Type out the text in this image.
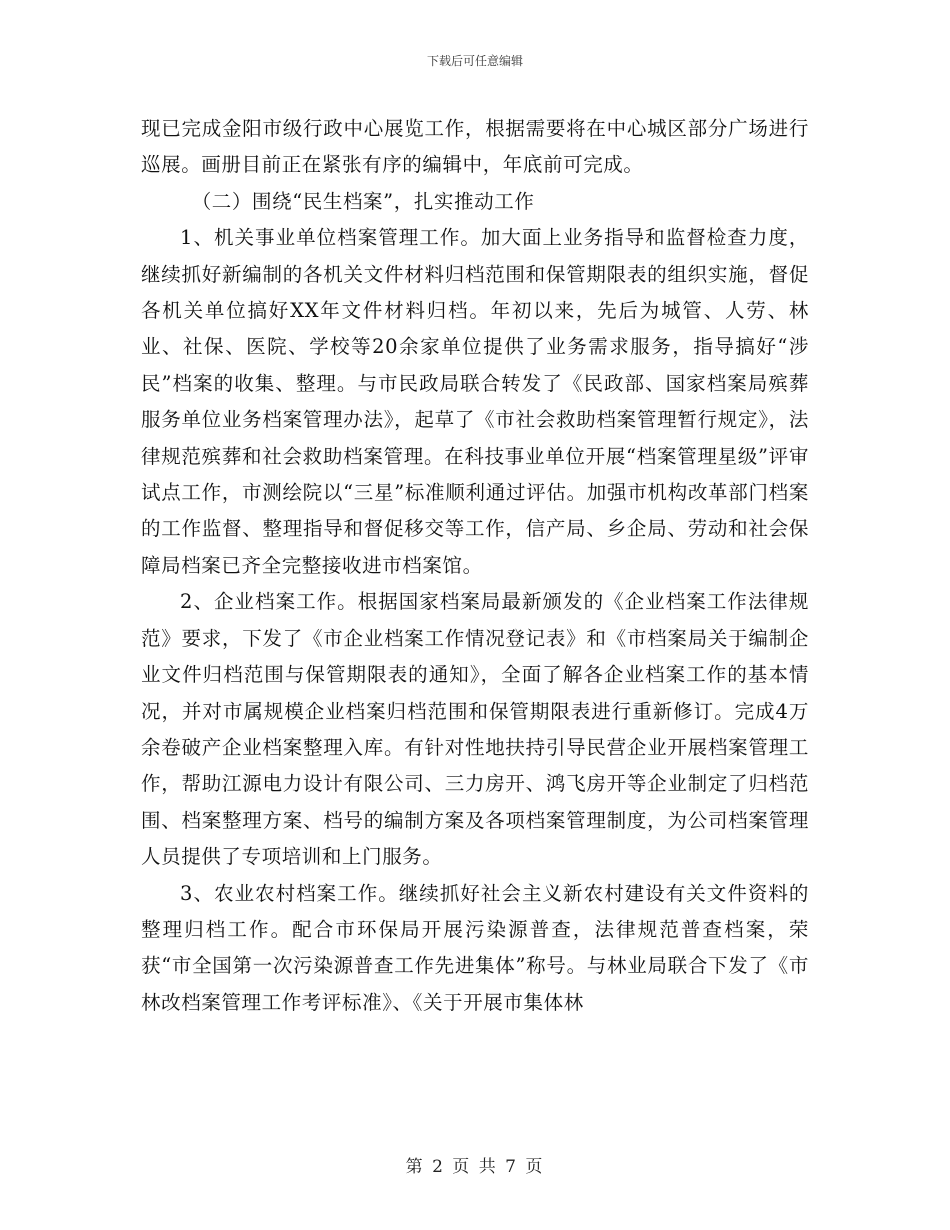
下载后可任意编辑

现已完成金阳市级行政中心展览工作，根据需要将在中心城区部分广场进行巡展。画册目前正在紧张有序的编辑中，年底前可完成。

（二）围绕“民生档案”，扎实推动工作

1、机关事业单位档案管理工作。加大面上业务指导和监督检查力度，继续抓好新编制的各机关文件材料归档范围和保管期限表的组织实施，督促各机关单位搞好XX年文件材料归档。年初以来，先后为城管、人劳、林业、社保、医院、学校等20余家单位提供了业务需求服务，指导搞好“涉民”档案的收集、整理。与市民政局联合转发了《民政部、国家档案局殡葬服务单位业务档案管理办法》，起草了《市社会救助档案管理暂行规定》，法律规范殡葬和社会救助档案管理。在科技事业单位开展“档案管理星级”评审试点工作，市测绘院以“三星”标准顺利通过评估。加强市机构改革部门档案的工作监督、整理指导和督促移交等工作，信产局、乡企局、劳动和社会保障局档案已齐全完整接收进市档案馆。

2、企业档案工作。根据国家档案局最新颁发的《企业档案工作法律规范》要求，下发了《市企业档案工作情况登记表》和《市档案局关于编制企业文件归档范围与保管期限表的通知》，全面了解各企业档案工作的基本情况，并对市属规模企业档案归档范围和保管期限表进行重新修订。完成4万余卷破产企业档案整理入库。有针对性地扶持引导民营企业开展档案管理工作，帮助江源电力设计有限公司、三力房开、鸿飞房开等企业制定了归档范围、档案整理方案、档号的编制方案及各项档案管理制度，为公司档案管理人员提供了专项培训和上门服务。

3、农业农村档案工作。继续抓好社会主义新农村建设有关文件资料的整理归档工作。配合市环保局开展污染源普查，法律规范普查档案，荣获“市全国第一次污染源普查工作先进集体”称号。与林业局联合下发了《市林改档案管理工作考评标准》、《关于开展市集体林

第 2 页 共 7 页
